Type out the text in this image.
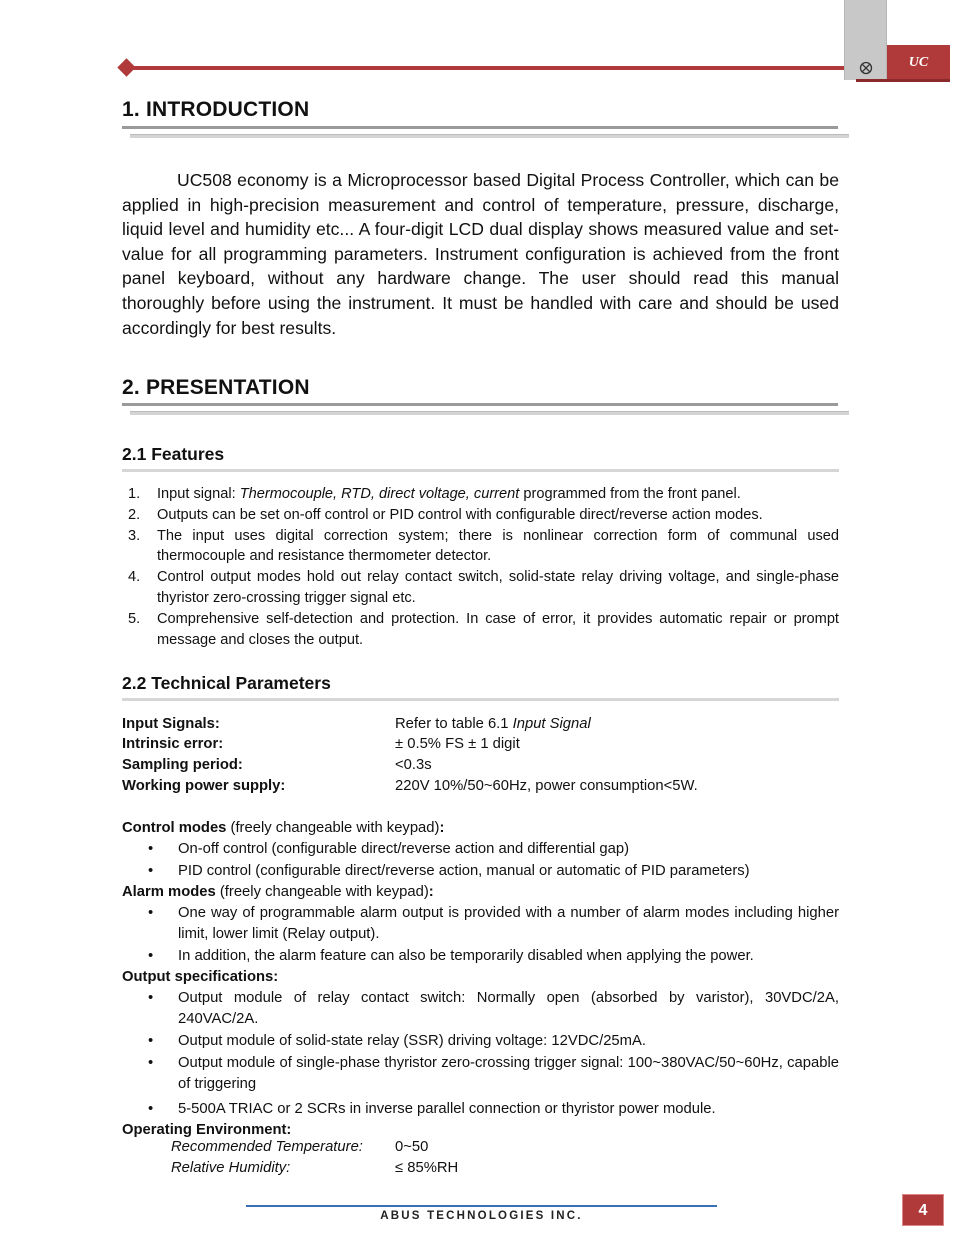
UC
1. INTRODUCTION

UC508 economy is a Microprocessor based Digital Process Controller, which can be applied in high-precision measurement and control of temperature, pressure, discharge, liquid level and humidity etc... A four-digit LCD dual display shows measured value and set-value for all programming parameters. Instrument configuration is achieved from the front panel keyboard, without any hardware change. The user should read this manual thoroughly before using the instrument. It must be handled with care and should be used accordingly for best results.

2. PRESENTATION
2.1 Features
1. Input signal: Thermocouple, RTD, direct voltage, current programmed from the front panel.
2. Outputs can be set on-off control or PID control with configurable direct/reverse action modes.
3. The input uses digital correction system; there is nonlinear correction form of communal used thermocouple and resistance thermometer detector.
4. Control output modes hold out relay contact switch, solid-state relay driving voltage, and single-phase thyristor zero-crossing trigger signal etc.
5. Comprehensive self-detection and protection. In case of error, it provides automatic repair or prompt message and closes the output.
2.2 Technical Parameters
Input Signals:	Refer to table 6.1 Input Signal
Intrinsic error:	± 0.5% FS ± 1 digit
Sampling period:	<0.3s
Working power supply:	220V 10%/50~60Hz, power consumption<5W.
Control modes (freely changeable with keypad):
• On-off control (configurable direct/reverse action and differential gap)
• PID control (configurable direct/reverse action, manual or automatic of PID parameters)
Alarm modes (freely changeable with keypad):
• One way of programmable alarm output is provided with a number of alarm modes including higher limit, lower limit (Relay output).
• In addition, the alarm feature can also be temporarily disabled when applying the power.
Output specifications:
• Output module of relay contact switch: Normally open (absorbed by varistor), 30VDC/2A, 240VAC/2A.
• Output module of solid-state relay (SSR) driving voltage: 12VDC/25mA.
• Output module of single-phase thyristor zero-crossing trigger signal: 100~380VAC/50~60Hz, capable of triggering
• 5-500A TRIAC or 2 SCRs in inverse parallel connection or thyristor power module.
Operating Environment:
Recommended Temperature: 0~50
Relative Humidity:	≤ 85%RH
ABUS TECHNOLOGIES INC.	4
